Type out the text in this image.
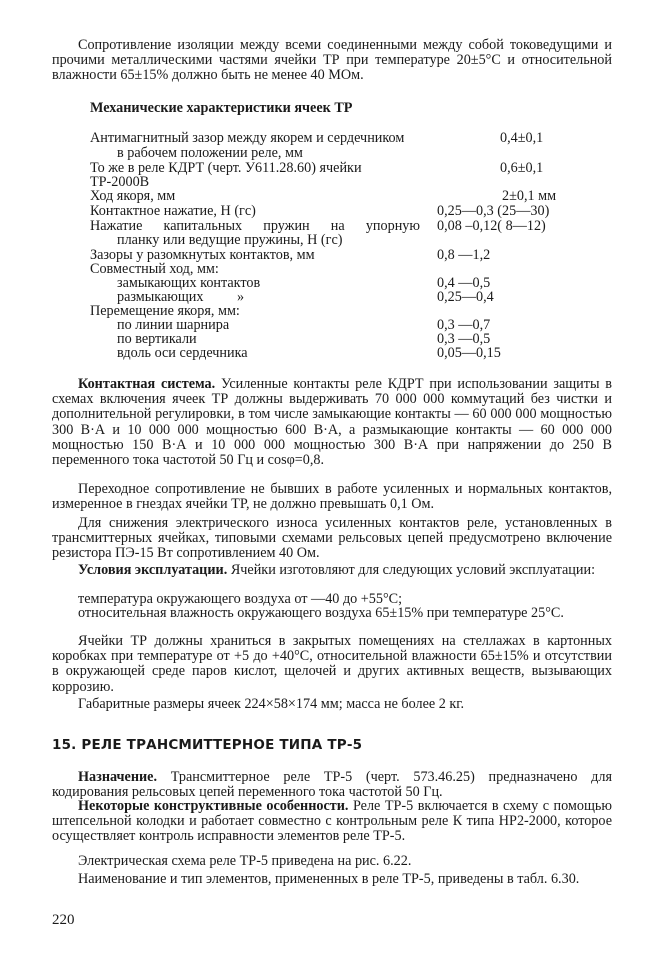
Сопротивление изоляции между всеми соединенными между собой токоведущими и прочими металлическими частями ячейки ТР при температуре 20±5°С и относительной влажности 65±15% должно быть не менее 40 МОм.

Механические характеристики ячеек ТР
Антимагнитный зазор между якорем и сердечником	0,4±0,1
в рабочем положении реле, мм
То же в реле КДРТ (черт. У611.28.60) ячейки	0,6±0,1
ТР-2000В
Ход якоря, мм	2±0,1 мм
Контактное нажатие, Н (гс)	0,25—0,3 (25—30)
Нажатие капитальных пружин на упорную 0,08 –0,12( 8—12)
планку или ведущие пружины, Н (гс)
Зазоры у разомкнутых контактов, мм	0,8 —1,2
Совместный ход, мм:
замыкающих контактов	0,4 —0,5
размыкающих »	0,25—0,4
Перемещение якоря, мм:
по линии шарнира	0,3 —0,7
по вертикали	0,3 —0,5
вдоль оси сердечника	0,05—0,15

Контактная система. Усиленные контакты реле КДРТ при использовании защиты в схемах включения ячеек ТР должны выдерживать 70 000 000 коммутаций без чистки и дополнительной регулировки, в том числе замыкающие контакты — 60 000 000 мощностью 300 В·А и 10 000 000 мощностью 600 В·А, а размыкающие контакты — 60 000 000 мощностью 150 В·А и 10 000 000 мощностью 300 В·А при напряжении до 250 В переменного тока частотой 50 Гц и cosφ=0,8.

Переходное сопротивление не бывших в работе усиленных и нормальных контактов, измеренное в гнездах ячейки ТР, не должно превышать 0,1 Ом.

Для снижения электрического износа усиленных контактов реле, установленных в трансмиттерных ячейках, типовыми схемами рельсовых цепей предусмотрено включение резистора ПЭ-15 Вт сопротивлением 40 Ом.

Условия эксплуатации. Ячейки изготовляют для следующих условий эксплуатации:

температура окружающего воздуха от —40 до +55°С;

относительная влажность окружающего воздуха 65±15% при температуре 25°С.

Ячейки ТР должны храниться в закрытых помещениях на стеллажах в картонных коробках при температуре от +5 до +40°С, относительной влажности 65±15% и отсутствии в окружающей среде паров кислот, щелочей и других активных веществ, вызывающих коррозию.

Габаритные размеры ячеек 224×58×174 мм; масса не более 2 кг.

15. РЕЛЕ ТРАНСМИТТЕРНОЕ ТИПА ТР-5

Назначение. Трансмиттерное реле ТР-5 (черт. 573.46.25) предназначено для кодирования рельсовых цепей переменного тока частотой 50 Гц.

Некоторые конструктивные особенности. Реле ТР-5 включается в схему с помощью штепсельной колодки и работает совместно с контрольным реле К типа НР2-2000, которое осуществляет контроль исправности элементов реле ТР-5.

Электрическая схема реле ТР-5 приведена на рис. 6.22.

Наименование и тип элементов, примененных в реле ТР-5, приведены в табл. 6.30.

220
